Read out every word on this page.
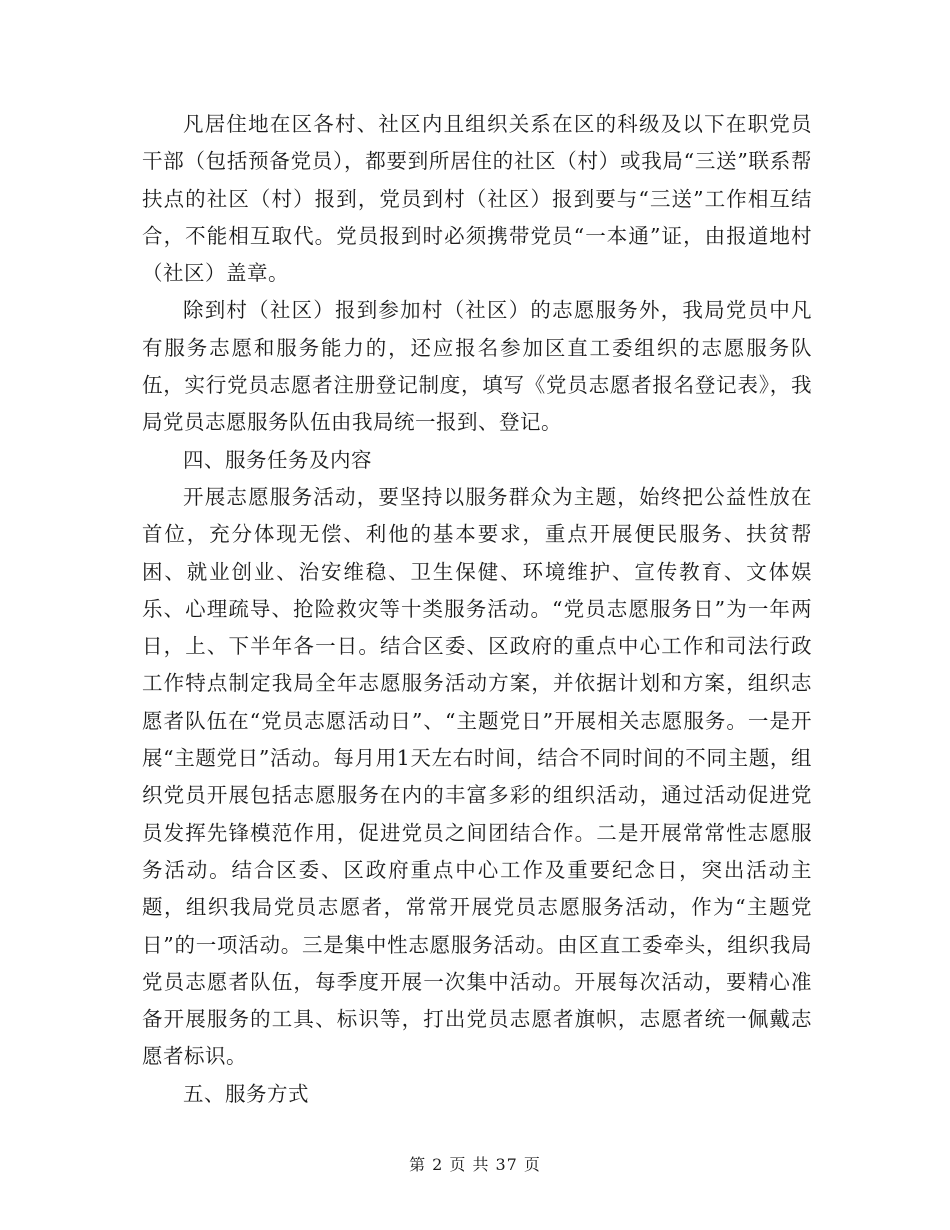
凡居住地在区各村、社区内且组织关系在区的科级及以下在职党员干部（包括预备党员），都要到所居住的社区（村）或我局“三送”联系帮扶点的社区（村）报到，党员到村（社区）报到要与“三送”工作相互结合，不能相互取代。党员报到时必须携带党员“一本通”证，由报道地村（社区）盖章。

除到村（社区）报到参加村（社区）的志愿服务外，我局党员中凡有服务志愿和服务能力的，还应报名参加区直工委组织的志愿服务队伍，实行党员志愿者注册登记制度，填写《党员志愿者报名登记表》，我局党员志愿服务队伍由我局统一报到、登记。

四、服务任务及内容

开展志愿服务活动，要坚持以服务群众为主题，始终把公益性放在首位，充分体现无偿、利他的基本要求，重点开展便民服务、扶贫帮困、就业创业、治安维稳、卫生保健、环境维护、宣传教育、文体娱乐、心理疏导、抢险救灾等十类服务活动。“党员志愿服务日”为一年两日，上、下半年各一日。结合区委、区政府的重点中心工作和司法行政工作特点制定我局全年志愿服务活动方案，并依据计划和方案，组织志愿者队伍在“党员志愿活动日”、“主题党日”开展相关志愿服务。一是开展“主题党日”活动。每月用1天左右时间，结合不同时间的不同主题，组织党员开展包括志愿服务在内的丰富多彩的组织活动，通过活动促进党员发挥先锋模范作用，促进党员之间团结合作。二是开展常常性志愿服务活动。结合区委、区政府重点中心工作及重要纪念日，突出活动主题，组织我局党员志愿者，常常开展党员志愿服务活动，作为“主题党日”的一项活动。三是集中性志愿服务活动。由区直工委牵头，组织我局党员志愿者队伍，每季度开展一次集中活动。开展每次活动，要精心准备开展服务的工具、标识等，打出党员志愿者旗帜，志愿者统一佩戴志愿者标识。

五、服务方式

第 2 页 共 37 页
